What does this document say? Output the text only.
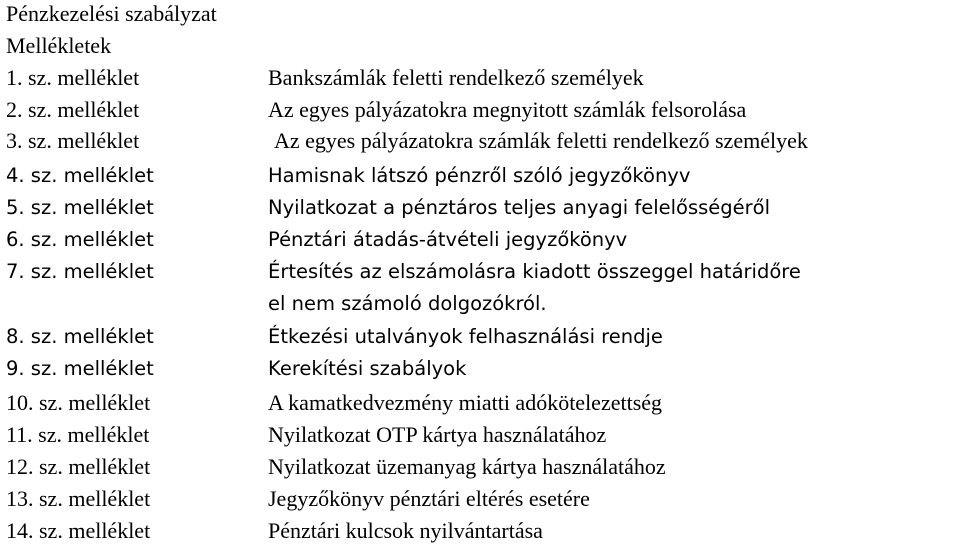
Pénzkezelési szabályzat
Mellékletek
1. sz. melléklet	Bankszámlák feletti rendelkező személyek
2. sz. melléklet	Az egyes pályázatokra megnyitott számlák felsorolása
3. sz. melléklet	Az egyes pályázatokra számlák feletti rendelkező személyek
4. sz. melléklet	Hamisnak látszó pénzről szóló jegyzőkönyv
5. sz. melléklet	Nyilatkozat a pénztáros teljes anyagi felelősségéről
6. sz. melléklet	Pénztári átadás-átvételi jegyzőkönyv
7. sz. melléklet	Értesítés az elszámolásra kiadott összeggel határidőre
el nem számoló dolgozókról.
8. sz. melléklet	Étkezési utalványok felhasználási rendje
9. sz. melléklet	Kerekítési szabályok
10. sz. melléklet	A kamatkedvezmény miatti adókötelezettség
11. sz. melléklet	Nyilatkozat OTP kártya használatához
12. sz. melléklet	Nyilatkozat üzemanyag kártya használatához
13. sz. melléklet	Jegyzőkönyv pénztári eltérés esetére
14. sz. melléklet	Pénztári kulcsok nyilvántartása
